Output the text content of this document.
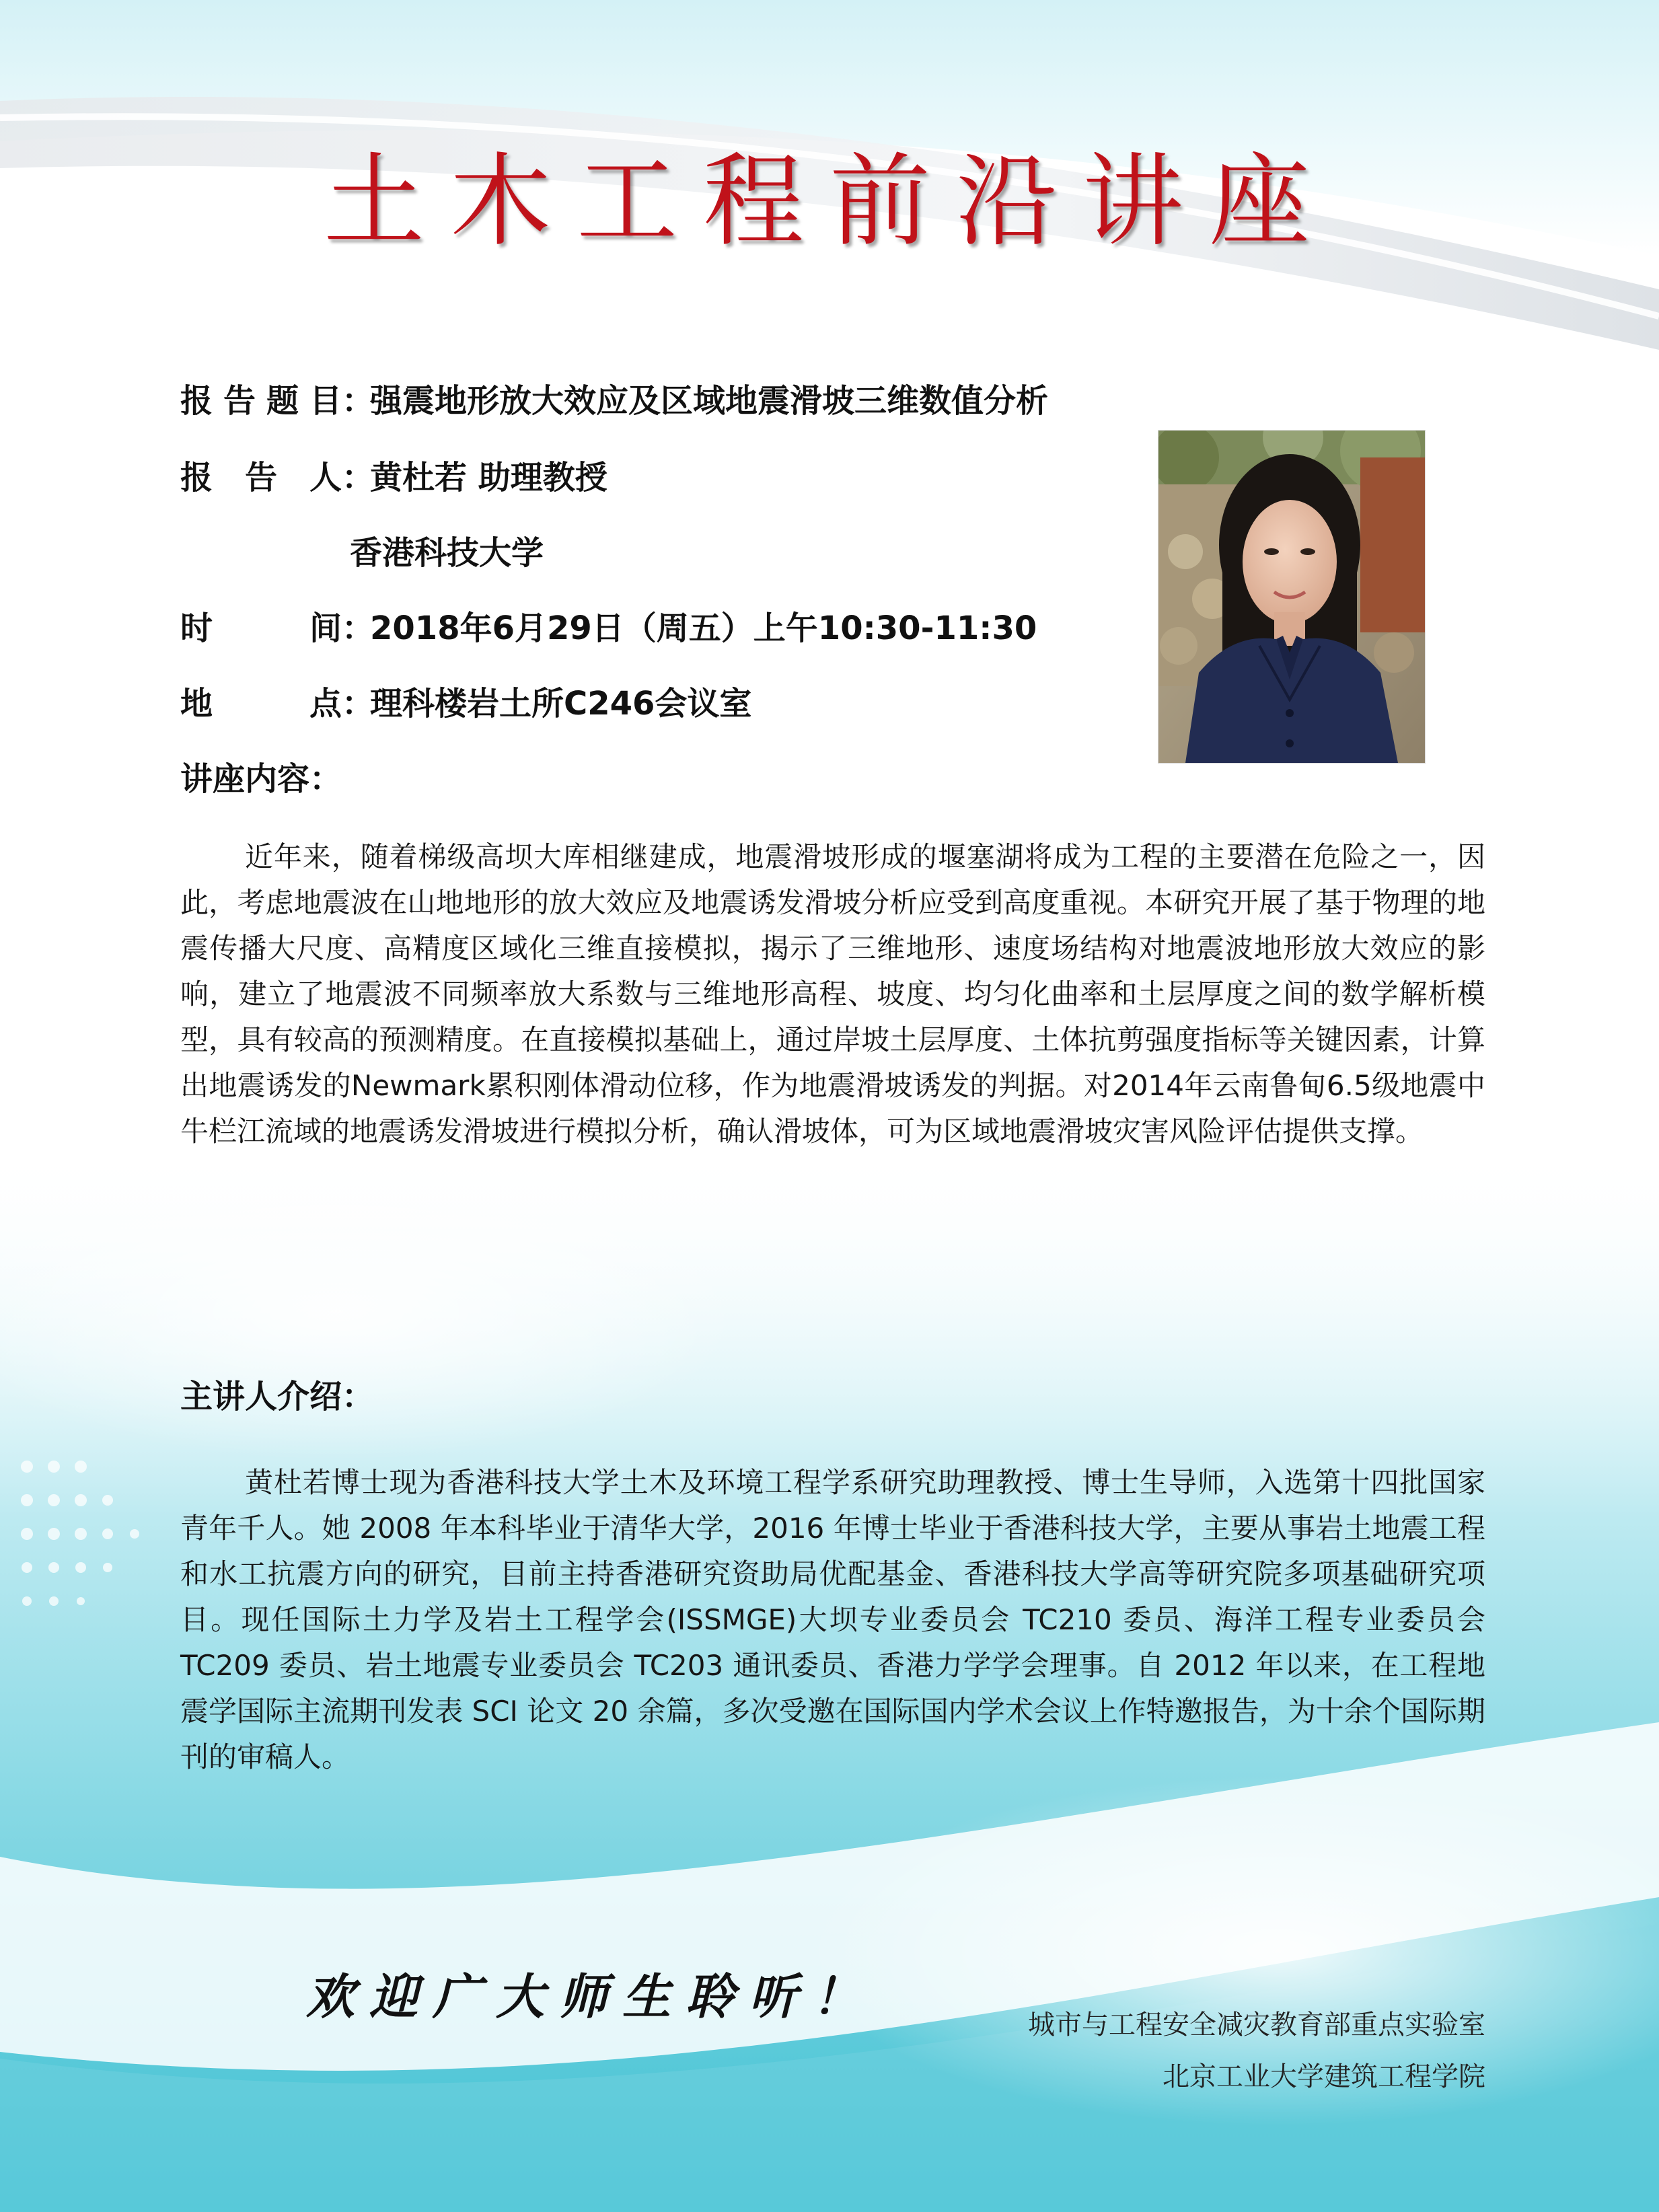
土木工程前沿讲座
报告题目：强震地形放大效应及区域地震滑坡三维数值分析
报 告 人：黄杜若 助理教授
香港科技大学
时 间：2018年6月29日（周五）上午10:30-11:30
地 点：理科楼岩土所C246会议室
讲座内容：

近年来，随着梯级高坝大库相继建成，地震滑坡形成的堰塞湖将成为工程的主要潜在危险之一，因此，考虑地震波在山地地形的放大效应及地震诱发滑坡分析应受到高度重视。本研究开展了基于物理的地震传播大尺度、高精度区域化三维直接模拟，揭示了三维地形、速度场结构对地震波地形放大效应的影响，建立了地震波不同频率放大系数与三维地形高程、坡度、均匀化曲率和土层厚度之间的数学解析模型，具有较高的预测精度。在直接模拟基础上，通过岸坡土层厚度、土体抗剪强度指标等关键因素，计算出地震诱发的Newmark累积刚体滑动位移，作为地震滑坡诱发的判据。对2014年云南鲁甸6.5级地震中牛栏江流域的地震诱发滑坡进行模拟分析，确认滑坡体，可为区域地震滑坡灾害风险评估提供支撑。

主讲人介绍：

黄杜若博士现为香港科技大学土木及环境工程学系研究助理教授、博士生导师，入选第十四批国家青年千人。她 2008 年本科毕业于清华大学，2016 年博士毕业于香港科技大学，主要从事岩土地震工程和水工抗震方向的研究，目前主持香港研究资助局优配基金、香港科技大学高等研究院多项基础研究项目。现任国际土力学及岩土工程学会(ISSMGE)大坝专业委员会 TC210 委员、海洋工程专业委员会 TC209 委员、岩土地震专业委员会 TC203 通讯委员、香港力学学会理事。自 2012 年以来，在工程地震学国际主流期刊发表 SCI 论文 20 余篇，多次受邀在国际国内学术会议上作特邀报告，为十余个国际期刊的审稿人。

欢迎广大师生聆听！	城市与工程安全减灾教育部重点实验室
北京工业大学建筑工程学院
